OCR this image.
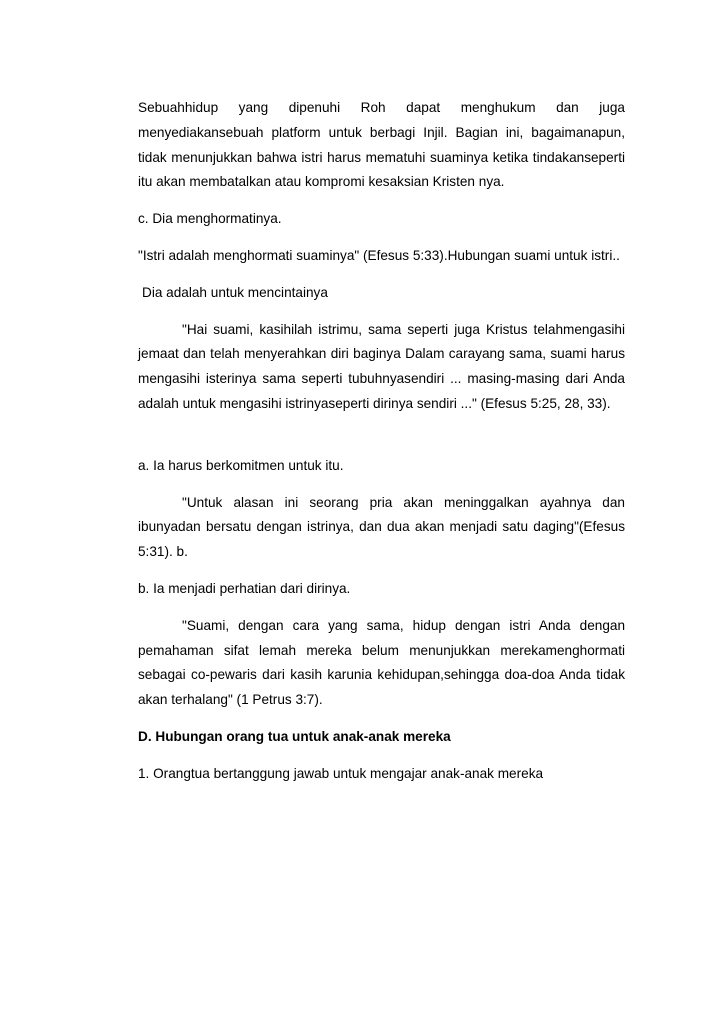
Sebuahhidup yang dipenuhi Roh dapat menghukum dan juga menyediakansebuah platform untuk berbagi Injil. Bagian ini, bagaimanapun, tidak menunjukkan bahwa istri harus mematuhi suaminya ketika tindakanseperti itu akan membatalkan atau kompromi kesaksian Kristen nya.

c. Dia menghormatinya.

"Istri adalah menghormati suaminya" (Efesus 5:33).Hubungan suami untuk istri..

Dia adalah untuk mencintainya

"Hai suami, kasihilah istrimu, sama seperti juga Kristus telahmengasihi jemaat dan telah menyerahkan diri baginya Dalam carayang sama, suami harus mengasihi isterinya sama seperti tubuhnyasendiri ... masing-masing dari Anda adalah untuk mengasihi istrinyaseperti dirinya sendiri ..." (Efesus 5:25, 28, 33).

a. Ia harus berkomitmen untuk itu.

"Untuk alasan ini seorang pria akan meninggalkan ayahnya dan ibunyadan bersatu dengan istrinya, dan dua akan menjadi satu daging"(Efesus 5:31). b.

b. Ia menjadi perhatian dari dirinya.

"Suami, dengan cara yang sama, hidup dengan istri Anda dengan pemahaman sifat lemah mereka belum menunjukkan merekamenghormati sebagai co-pewaris dari kasih karunia kehidupan,sehingga doa-doa Anda tidak akan terhalang" (1 Petrus 3:7).

D. Hubungan orang tua untuk anak-anak mereka

1. Orangtua bertanggung jawab untuk mengajar anak-anak mereka
